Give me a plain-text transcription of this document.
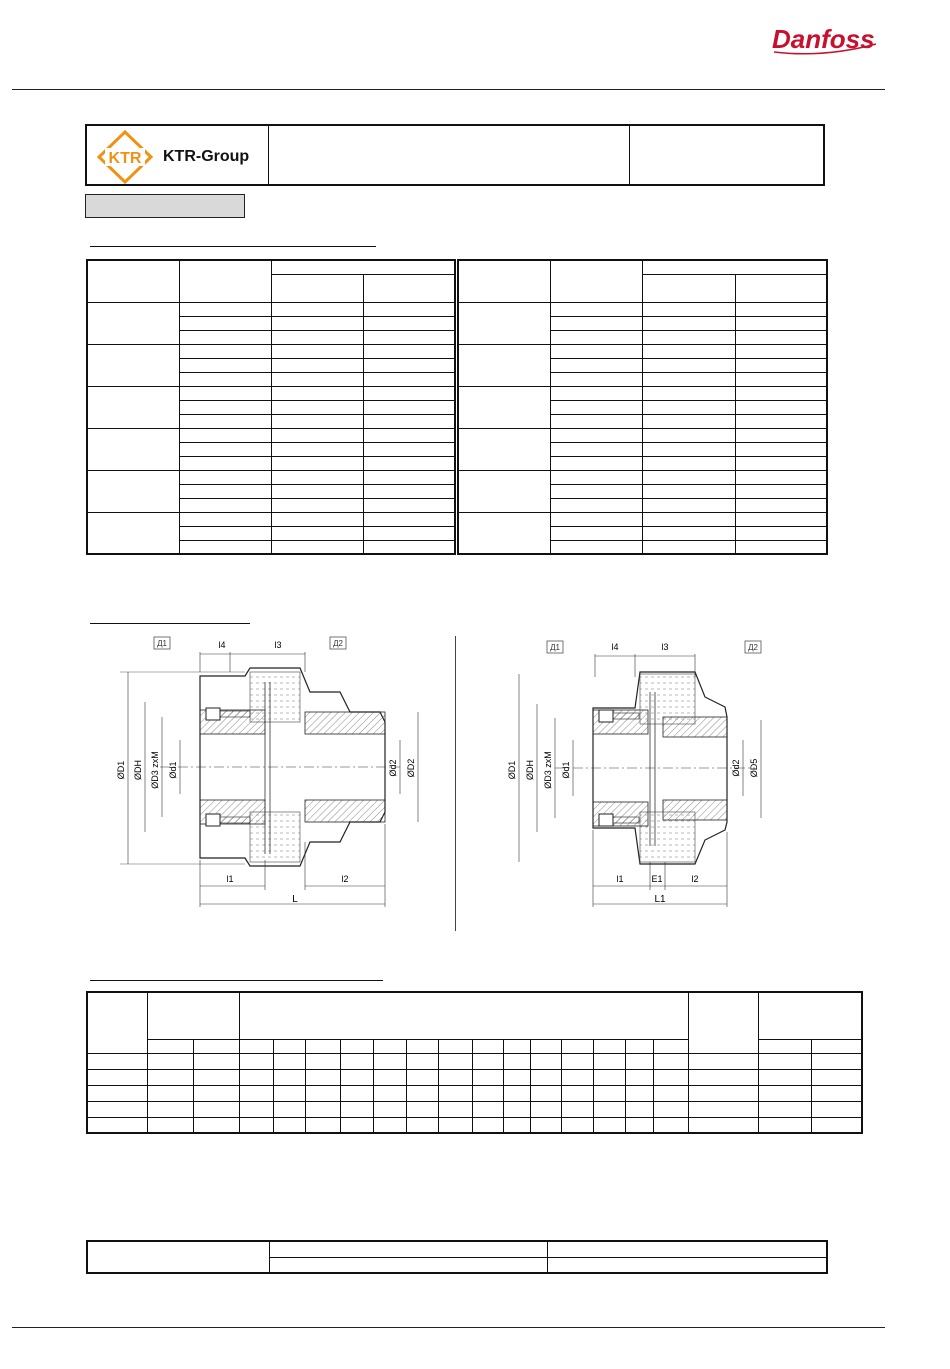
Danfoss
KTR KTR-Group

Д1	Д2
l4	l3
ØD1 ØDH ØD3 zxM Ød1	Ød2 ØD2
l1	l2
L
Д1	Д2
l4	l3
ØD1 ØDH ØD3 zxM Ød1	Ød2 ØD5
l1	E1	l2
L1
